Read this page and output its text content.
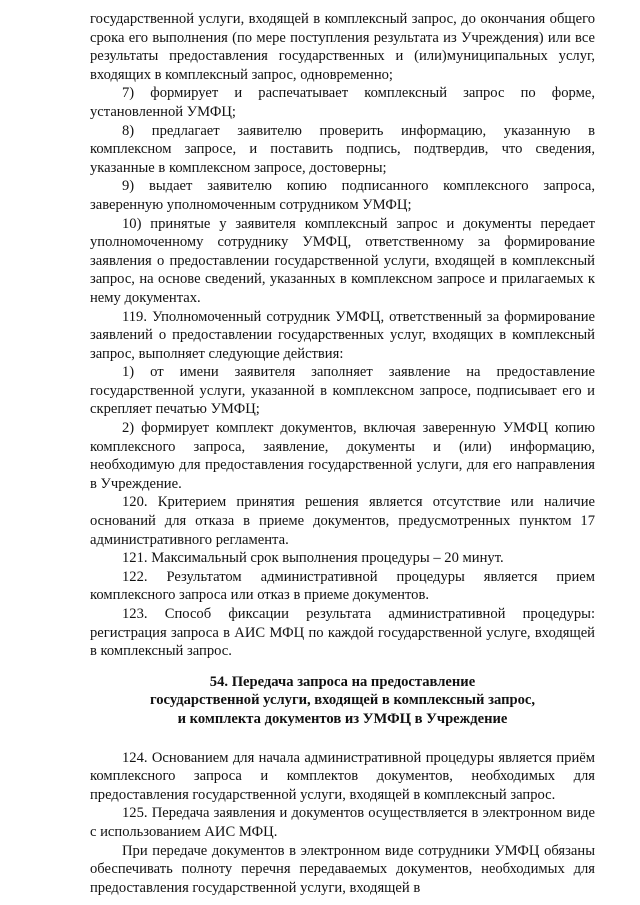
государственной услуги, входящей в комплексный запрос, до окончания общего срока его выполнения (по мере поступления результата из Учреждения) или все результаты предоставления государственных и (или)муниципальных услуг, входящих в комплексный запрос, одновременно;

7) формирует и распечатывает комплексный запрос по форме, установленной УМФЦ;

8) предлагает заявителю проверить информацию, указанную в комплексном запросе, и поставить подпись, подтвердив, что сведения, указанные в комплексном запросе, достоверны;

9) выдает заявителю копию подписанного комплексного запроса, заверенную уполномоченным сотрудником УМФЦ;

10) принятые у заявителя комплексный запрос и документы передает уполномоченному сотруднику УМФЦ, ответственному за формирование заявления о предоставлении государственной услуги, входящей в комплексный запрос, на основе сведений, указанных в комплексном запросе и прилагаемых к нему документах.

119. Уполномоченный сотрудник УМФЦ, ответственный за формирование заявлений о предоставлении государственных услуг, входящих в комплексный запрос, выполняет следующие действия:

1) от имени заявителя заполняет заявление на предоставление государственной услуги, указанной в комплексном запросе, подписывает его и скрепляет печатью УМФЦ;

2) формирует комплект документов, включая заверенную УМФЦ копию комплексного запроса, заявление, документы и (или) информацию, необходимую для предоставления государственной услуги, для его направления в Учреждение.

120. Критерием принятия решения является отсутствие или наличие оснований для отказа в приеме документов, предусмотренных пунктом 17 административного регламента.

121. Максимальный срок выполнения процедуры – 20 минут.

122. Результатом административной процедуры является прием комплексного запроса или отказ в приеме документов.

123. Способ фиксации результата административной процедуры: регистрация запроса в АИС МФЦ по каждой государственной услуге, входящей в комплексный запрос.

54. Передача запроса на предоставление
государственной услуги, входящей в комплексный запрос,
и комплекта документов из УМФЦ в Учреждение

124. Основанием для начала административной процедуры является приём комплексного запроса и комплектов документов, необходимых для предоставления государственной услуги, входящей в комплексный запрос.

125. Передача заявления и документов осуществляется в электронном виде с использованием АИС МФЦ.

При передаче документов в электронном виде сотрудники УМФЦ обязаны обеспечивать полноту перечня передаваемых документов, необходимых для предоставления государственной услуги, входящей в
